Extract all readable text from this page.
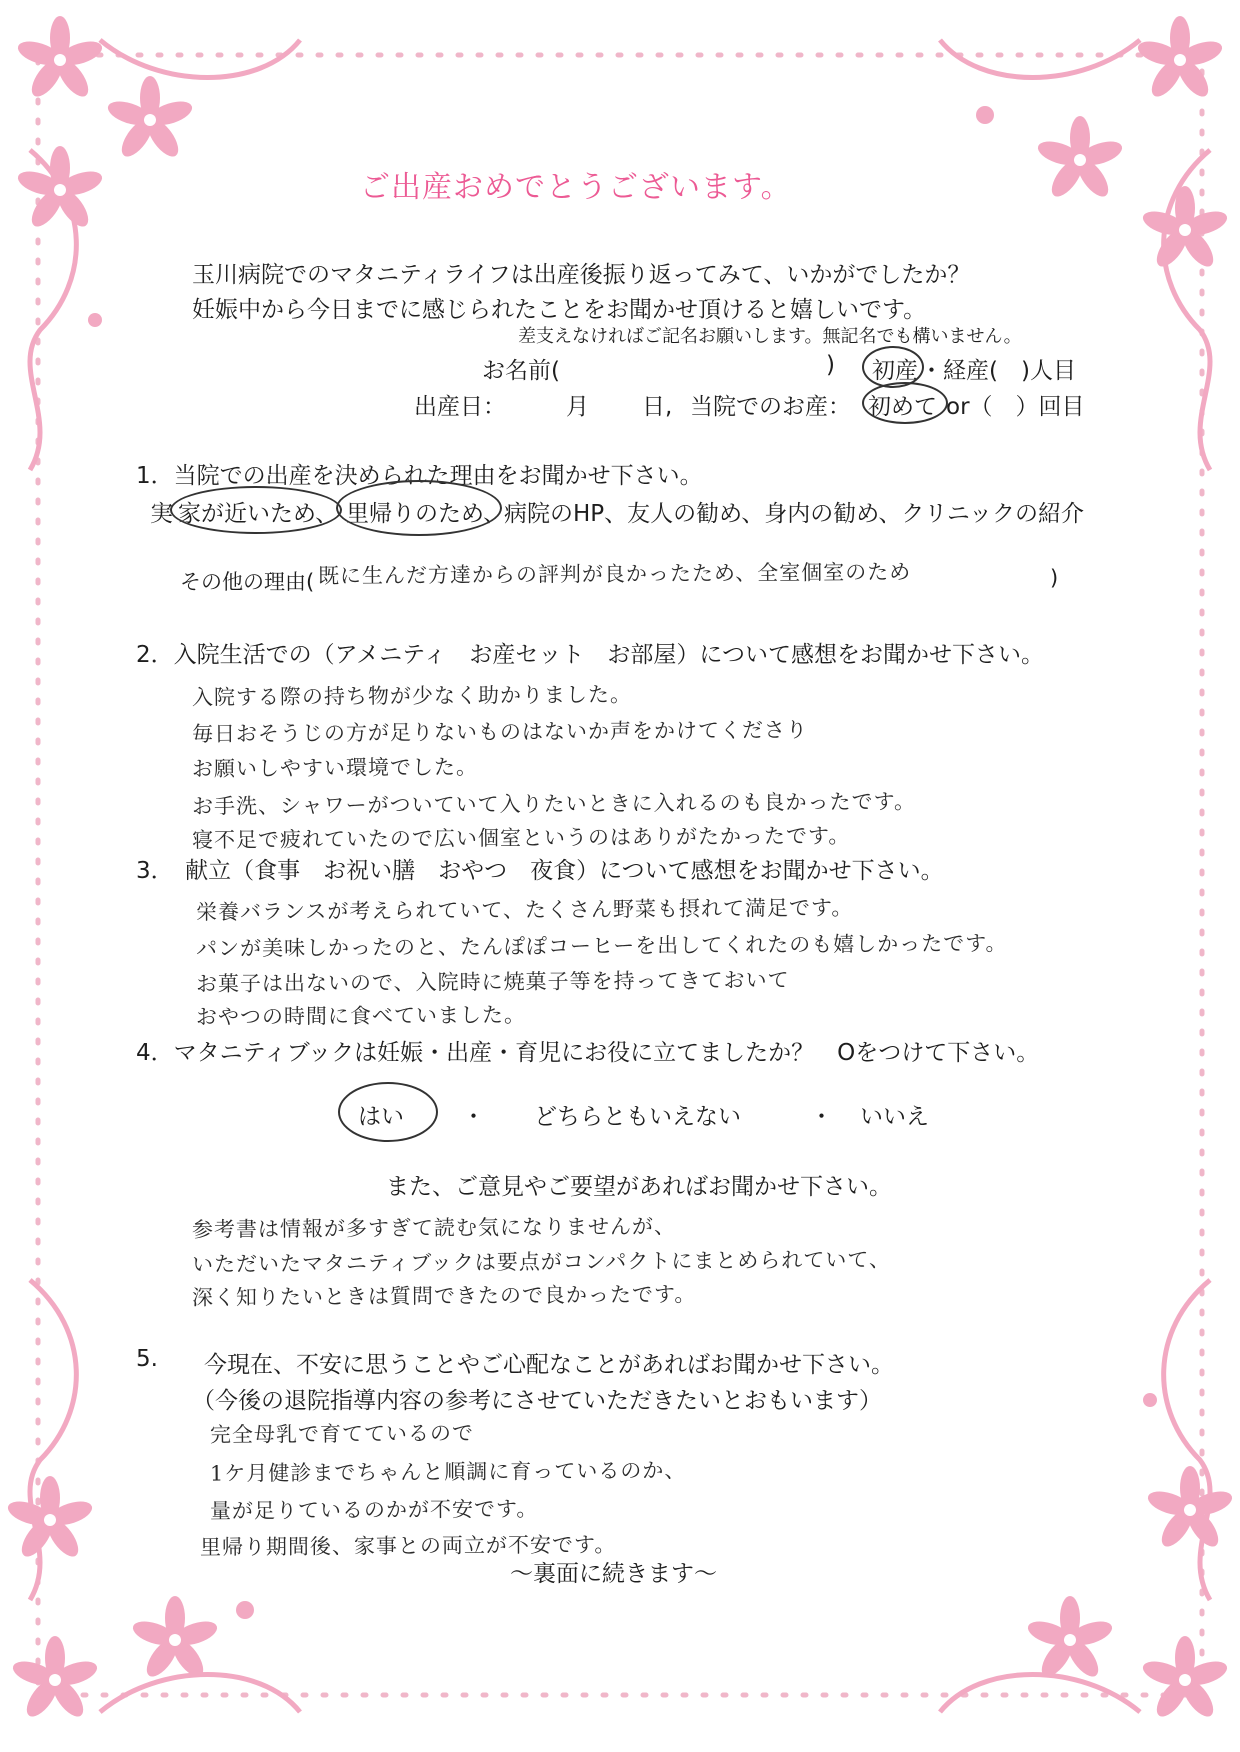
ご出産おめでとうございます。
玉川病院でのマタニティライフは出産後振り返ってみて、いかがでしたか？
妊娠中から今日までに感じられたことをお聞かせ頂けると嬉しいです。
差支えなければご記名お願いします。無記名でも構いません。
お名前(	) 初産 ・経産(　)人目
出産日：	月 日, 当院でのお産： 初めて or（　）回目
1．当院での出産を決められた理由をお聞かせ下さい。
実 家が近いため、 里帰りのため、
病院のHP、友人の勧め、身内の勧め、クリニックの紹介
その他の理由( 既に生んだ方達からの評判が良かったため、全室個室のため	)
2．入院生活での（アメニティ　お産セット　お部屋）について感想をお聞かせ下さい。
入院する際の持ち物が少なく助かりました。
毎日おそうじの方が足りないものはないか声をかけてくださり
お願いしやすい環境でした。
お手洗、シャワーがついていて入りたいときに入れるのも良かったです。
寝不足で疲れていたので広い個室というのはありがたかったです。
3．　献立（食事　お祝い膳　おやつ　夜食）について感想をお聞かせ下さい。
栄養バランスが考えられていて、たくさん野菜も摂れて満足です。
パンが美味しかったのと、たんぽぽコーヒーを出してくれたのも嬉しかったです。
お菓子は出ないので、入院時に焼菓子等を持ってきておいて
おやつの時間に食べていました。
4．マタニティブックは妊娠・出産・育児にお役に立てましたか？　Oをつけて下さい。
はい	・ どちらともいえない	・ いいえ
また、ご意見やご要望があればお聞かせ下さい。
参考書は情報が多すぎて読む気になりませんが、
いただいたマタニティブックは要点がコンパクトにまとめられていて、
深く知りたいときは質問できたので良かったです。
5. 今現在、不安に思うことやご心配なことがあればお聞かせ下さい。
（今後の退院指導内容の参考にさせていただきたいとおもいます）
完全母乳で育てているので
1ケ月健診までちゃんと順調に育っているのか、
量が足りているのかが不安です。
里帰り期間後、家事との両立が不安です。
〜裏面に続きます〜
